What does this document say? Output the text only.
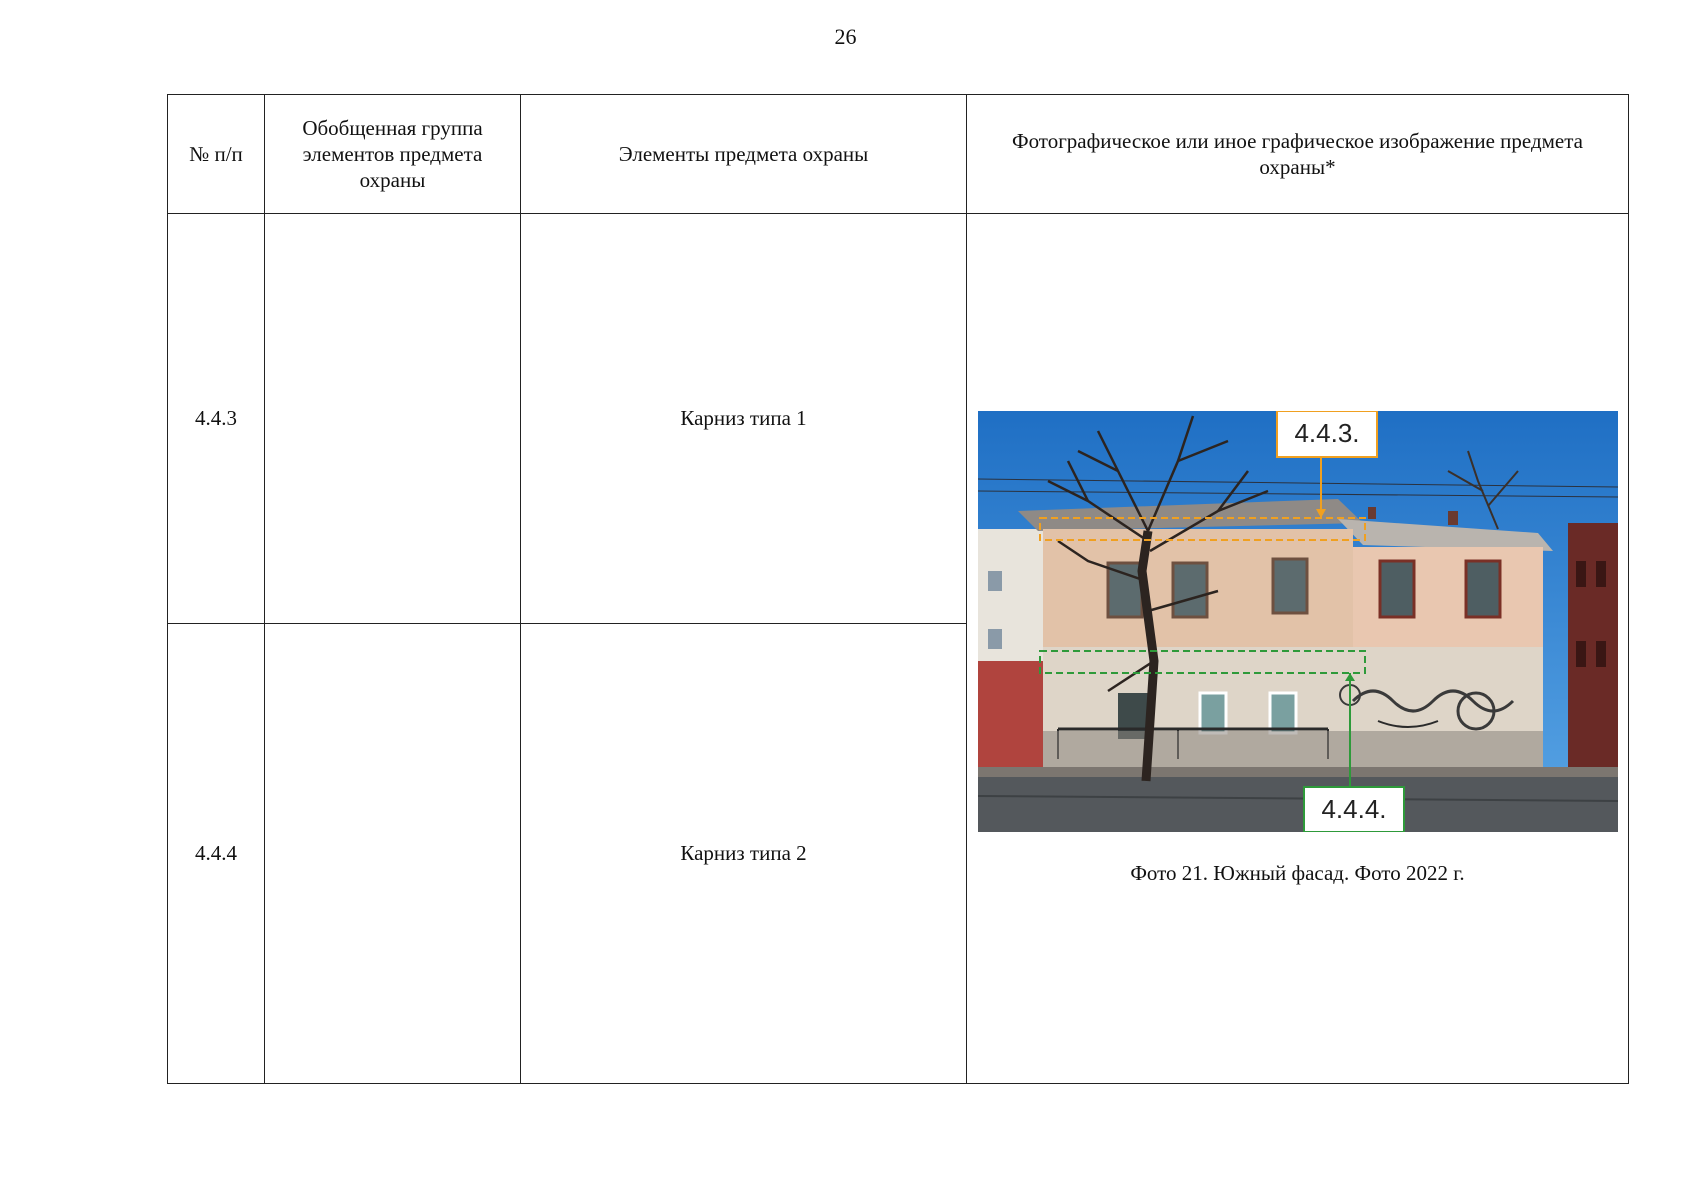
26
№ п/п	Обобщенная группа элементов предмета охраны	Элементы предмета охраны	Фотографическое или иное графическое изображение предмета охраны*
4.4.3		Карниз типа 1	4.4.3.
4.4.4.
Фото 21. Южный фасад. Фото 2022 г.

4.4.4		Карниз типа 2	
